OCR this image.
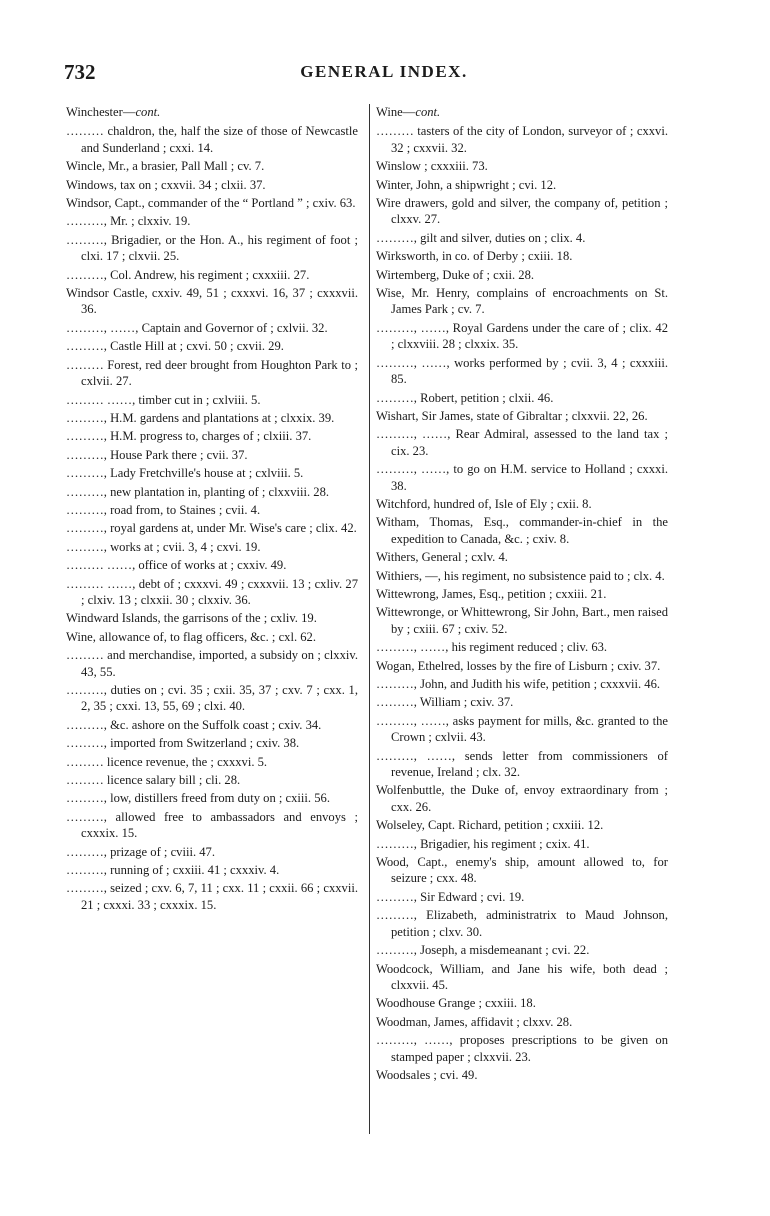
732	GENERAL INDEX.
Winchester—cont.
……… chaldron, the, half the size of those of Newcastle and Sunderland ; cxxi. 14.
Wincle, Mr., a brasier, Pall Mall ; cv. 7.
Windows, tax on ; cxxvii. 34 ; clxii. 37.
Windsor, Capt., commander of the “ Portland ” ; cxiv. 63.
………, Mr. ; clxxiv. 19.
………, Brigadier, or the Hon. A., his regiment of foot ; clxi. 17 ; clxvii. 25.
………, Col. Andrew, his regiment ; cxxxiii. 27.
Windsor Castle, cxxiv. 49, 51 ; cxxxvi. 16, 37 ; cxxxvii. 36.
………, ……, Captain and Governor of ; cxlvii. 32.
………, Castle Hill at ; cxvi. 50 ; cxvii. 29.
……… Forest, red deer brought from Houghton Park to ; cxlvii. 27.
……… ……, timber cut in ; cxlviii. 5.
………, H.M. gardens and plantations at ; clxxix. 39.
………, H.M. progress to, charges of ; clxiii. 37.
………, House Park there ; cvii. 37.
………, Lady Fretchville's house at ; cxlviii. 5.
………, new plantation in, planting of ; clxxviii. 28.
………, road from, to Staines ; cvii. 4.
………, royal gardens at, under Mr. Wise's care ; clix. 42.
………, works at ; cvii. 3, 4 ; cxvi. 19.
……… ……, office of works at ; cxxiv. 49.
……… ……, debt of ; cxxxvi. 49 ; cxxxvii. 13 ; cxliv. 27 ; clxiv. 13 ; clxxii. 30 ; clxxiv. 36.
Windward Islands, the garrisons of the ; cxliv. 19.
Wine, allowance of, to flag officers, &c. ; cxl. 62.
……… and merchandise, imported, a subsidy on ; clxxiv. 43, 55.
………, duties on ; cvi. 35 ; cxii. 35, 37 ; cxv. 7 ; cxx. 1, 2, 35 ; cxxi. 13, 55, 69 ; clxi. 40.
………, &c. ashore on the Suffolk coast ; cxiv. 34.
………, imported from Switzerland ; cxiv. 38.
……… licence revenue, the ; cxxxvi. 5.
……… licence salary bill ; cli. 28.
………, low, distillers freed from duty on ; cxiii. 56.
………, allowed free to ambassadors and envoys ; cxxxix. 15.
………, prizage of ; cviii. 47.
………, running of ; cxxiii. 41 ; cxxxiv. 4.
………, seized ; cxv. 6, 7, 11 ; cxx. 11 ; cxxii. 66 ; cxxvii. 21 ; cxxxi. 33 ; cxxxix. 15.
Wine—cont.
……… tasters of the city of London, surveyor of ; cxxvi. 32 ; cxxvii. 32.
Winslow ; cxxxiii. 73.
Winter, John, a shipwright ; cvi. 12.
Wire drawers, gold and silver, the company of, petition ; clxxv. 27.
………, gilt and silver, duties on ; clix. 4.
Wirksworth, in co. of Derby ; cxiii. 18.
Wirtemberg, Duke of ; cxii. 28.
Wise, Mr. Henry, complains of encroachments on St. James Park ; cv. 7.
………, ……, Royal Gardens under the care of ; clix. 42 ; clxxviii. 28 ; clxxix. 35.
………, ……, works performed by ; cvii. 3, 4 ; cxxxiii. 85.
………, Robert, petition ; clxii. 46.
Wishart, Sir James, state of Gibraltar ; clxxvii. 22, 26.
………, ……, Rear Admiral, assessed to the land tax ; cix. 23.
………, ……, to go on H.M. service to Holland ; cxxxi. 38.
Witchford, hundred of, Isle of Ely ; cxii. 8.
Witham, Thomas, Esq., commander-in-chief in the expedition to Canada, &c. ; cxiv. 8.
Withers, General ; cxlv. 4.
Withiers, —, his regiment, no subsistence paid to ; clx. 4.
Wittewrong, James, Esq., petition ; cxxiii. 21.
Wittewronge, or Whittewrong, Sir John, Bart., men raised by ; cxiii. 67 ; cxiv. 52.
………, ……, his regiment reduced ; cliv. 63.
Wogan, Ethelred, losses by the fire of Lisburn ; cxiv. 37.
………, John, and Judith his wife, petition ; cxxxvii. 46.
………, William ; cxiv. 37.
………, ……, asks payment for mills, &c. granted to the Crown ; cxlvii. 43.
………, ……, sends letter from commissioners of revenue, Ireland ; clx. 32.
Wolfenbuttle, the Duke of, envoy extraordinary from ; cxx. 26.
Wolseley, Capt. Richard, petition ; cxxiii. 12.
………, Brigadier, his regiment ; cxix. 41.
Wood, Capt., enemy's ship, amount allowed to, for seizure ; cxx. 48.
………, Sir Edward ; cvi. 19.
………, Elizabeth, administratrix to Maud Johnson, petition ; clxv. 30.
………, Joseph, a misdemeanant ; cvi. 22.
Woodcock, William, and Jane his wife, both dead ; clxxvii. 45.
Woodhouse Grange ; cxxiii. 18.
Woodman, James, affidavit ; clxxv. 28.
………, ……, proposes prescriptions to be given on stamped paper ; clxxvii. 23.
Woodsales ; cvi. 49.
